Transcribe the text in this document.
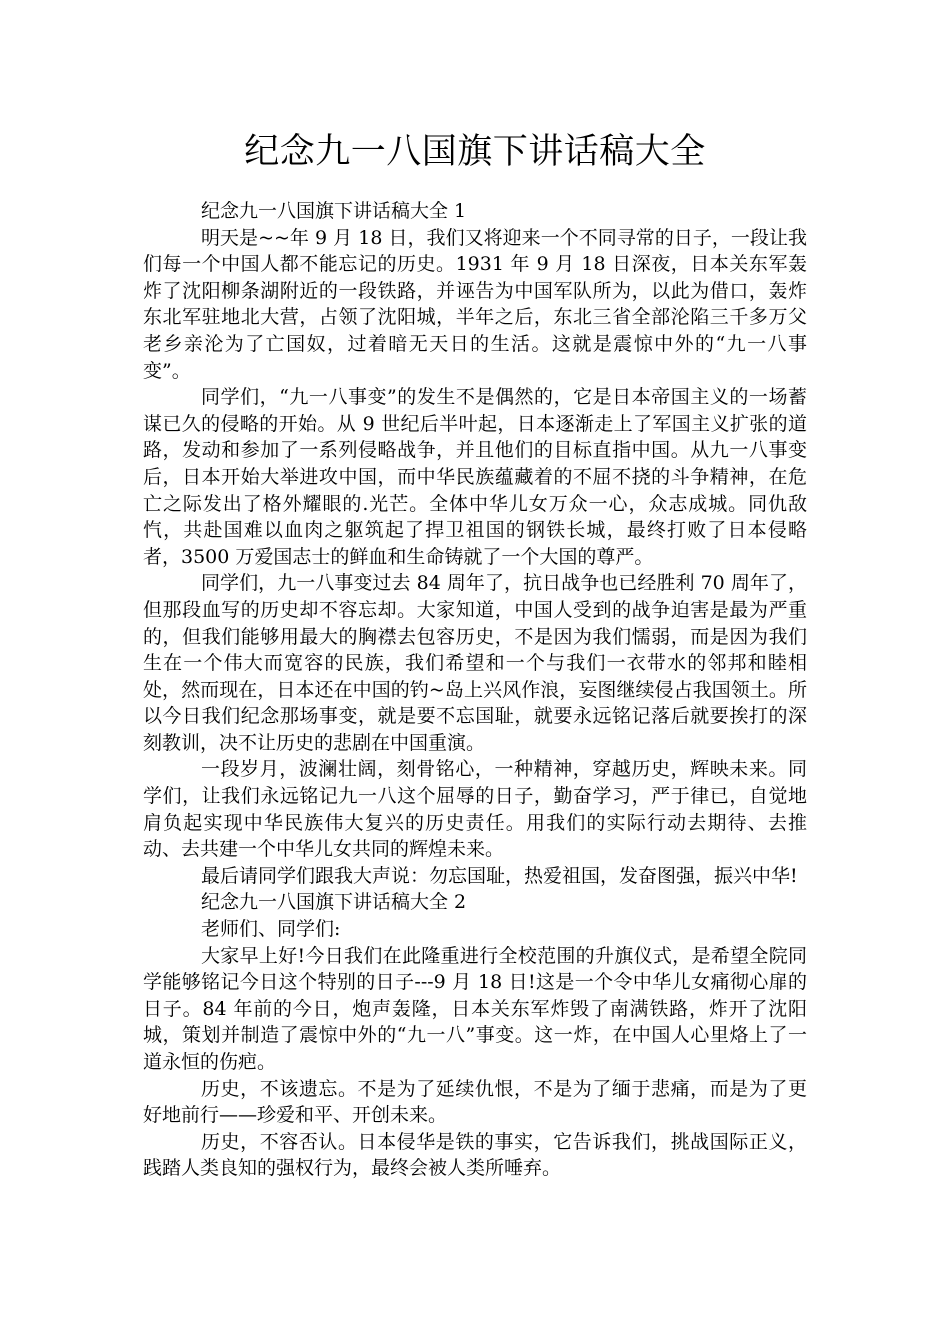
纪念九一八国旗下讲话稿大全

纪念九一八国旗下讲话稿大全 1

明天是~~年 9 月 18 日，我们又将迎来一个不同寻常的日子，一段让我们每一个中国人都不能忘记的历史。1931 年 9 月 18 日深夜，日本关东军轰炸了沈阳柳条湖附近的一段铁路，并诬告为中国军队所为，以此为借口，轰炸东北军驻地北大营，占领了沈阳城，半年之后，东北三省全部沦陷三千多万父老乡亲沦为了亡国奴，过着暗无天日的生活。这就是震惊中外的“九一八事变”。

同学们，“九一八事变”的发生不是偶然的，它是日本帝国主义的一场蓄谋已久的侵略的开始。从 9 世纪后半叶起，日本逐渐走上了军国主义扩张的道路，发动和参加了一系列侵略战争，并且他们的目标直指中国。从九一八事变后，日本开始大举进攻中国，而中华民族蕴藏着的不屈不挠的斗争精神，在危亡之际发出了格外耀眼的.光芒。全体中华儿女万众一心，众志成城。同仇敌忾，共赴国难以血肉之躯筑起了捍卫祖国的钢铁长城，最终打败了日本侵略者，3500 万爱国志士的鲜血和生命铸就了一个大国的尊严。

同学们，九一八事变过去 84 周年了，抗日战争也已经胜利 70 周年了，但那段血写的历史却不容忘却。大家知道，中国人受到的战争迫害是最为严重的，但我们能够用最大的胸襟去包容历史，不是因为我们懦弱，而是因为我们生在一个伟大而宽容的民族，我们希望和一个与我们一衣带水的邻邦和睦相处，然而现在，日本还在中国的钓~岛上兴风作浪，妄图继续侵占我国领土。所以今日我们纪念那场事变，就是要不忘国耻，就要永远铭记落后就要挨打的深刻教训，决不让历史的悲剧在中国重演。

一段岁月，波澜壮阔，刻骨铭心，一种精神，穿越历史，辉映未来。同学们，让我们永远铭记九一八这个屈辱的日子，勤奋学习，严于律已，自觉地肩负起实现中华民族伟大复兴的历史责任。用我们的实际行动去期待、去推动、去共建一个中华儿女共同的辉煌未来。

最后请同学们跟我大声说：勿忘国耻，热爱祖国，发奋图强，振兴中华!

纪念九一八国旗下讲话稿大全 2

老师们、同学们:

大家早上好!今日我们在此隆重进行全校范围的升旗仪式，是希望全院同学能够铭记今日这个特别的日子---9 月 18 日!这是一个令中华儿女痛彻心扉的日子。84 年前的今日，炮声轰隆，日本关东军炸毁了南满铁路，炸开了沈阳城，策划并制造了震惊中外的“九一八”事变。这一炸，在中国人心里烙上了一道永恒的伤疤。

历史，不该遗忘。不是为了延续仇恨，不是为了缅于悲痛，而是为了更好地前行——珍爱和平、开创未来。

历史，不容否认。日本侵华是铁的事实，它告诉我们，挑战国际正义，践踏人类良知的强权行为，最终会被人类所唾弃。
